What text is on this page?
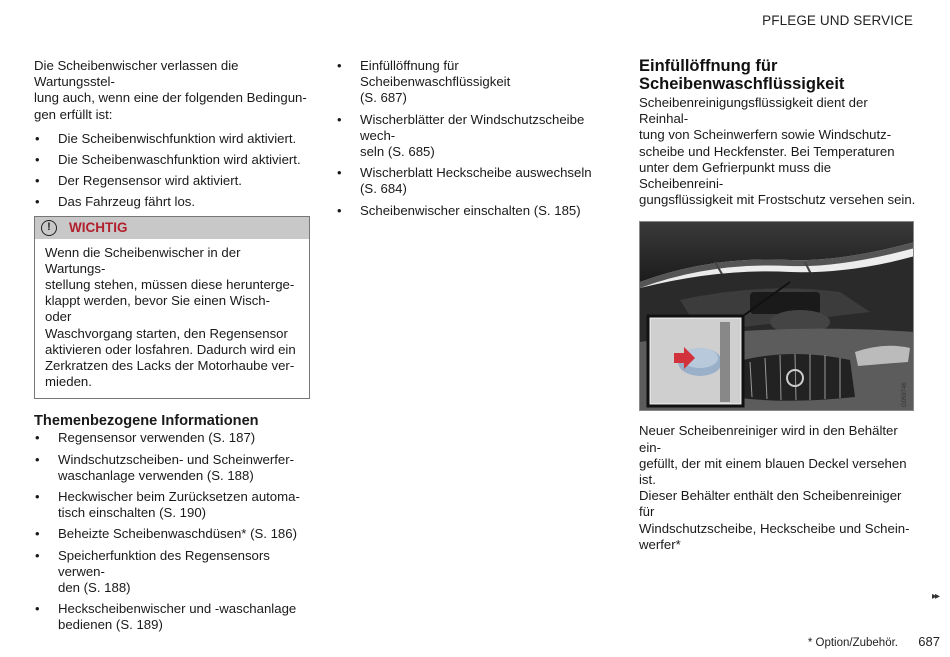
PFLEGE UND SERVICE

Die Scheibenwischer verlassen die Wartungsstel-
lung auch, wenn eine der folgenden Bedingun-
gen erfüllt ist:

• Die Scheibenwischfunktion wird aktiviert.
• Die Scheibenwaschfunktion wird aktiviert.
• Der Regensensor wird aktiviert.
• Das Fahrzeug fährt los.
!	WICHTIG
Wenn die Scheibenwischer in der Wartungs-
stellung stehen, müssen diese herunterge-
klappt werden, bevor Sie einen Wisch- oder
Waschvorgang starten, den Regensensor
aktivieren oder losfahren. Dadurch wird ein
Zerkratzen des Lacks der Motorhaube ver-
mieden.
Themenbezogene Informationen
• Regensensor verwenden (S. 187)
• Windschutzscheiben- und Scheinwerfer-
waschanlage verwenden (S. 188)
• Heckwischer beim Zurücksetzen automa-
tisch einschalten (S. 190)
• Beheizte Scheibenwaschdüsen* (S. 186)
• Speicherfunktion des Regensensors verwen-
den (S. 188)
• Heckscheibenwischer und -waschanlage
bedienen (S. 189)
• Einfüllöffnung für Scheibenwaschflüssigkeit
(S. 687)
• Wischerblätter der Windschutzscheibe wech-
seln (S. 685)
• Wischerblatt Heckscheibe auswechseln
(S. 684)
• Scheibenwischer einschalten (S. 185)
Einfüllöffnung für
Scheibenwaschflüssigkeit

Scheibenreinigungsflüssigkeit dient der Reinhal-
tung von Scheinwerfern sowie Windschutz-
scheibe und Heckfenster. Bei Temperaturen
unter dem Gefrierpunkt muss die Scheibenreini-
gungsflüssigkeit mit Frostschutz versehen sein.

G059746

Neuer Scheibenreiniger wird in den Behälter ein-
gefüllt, der mit einem blauen Deckel versehen ist.
Dieser Behälter enthält den Scheibenreiniger für
Windschutzscheibe, Heckscheibe und Schein-
werfer*

▸▸
* Option/Zubehör. 687
